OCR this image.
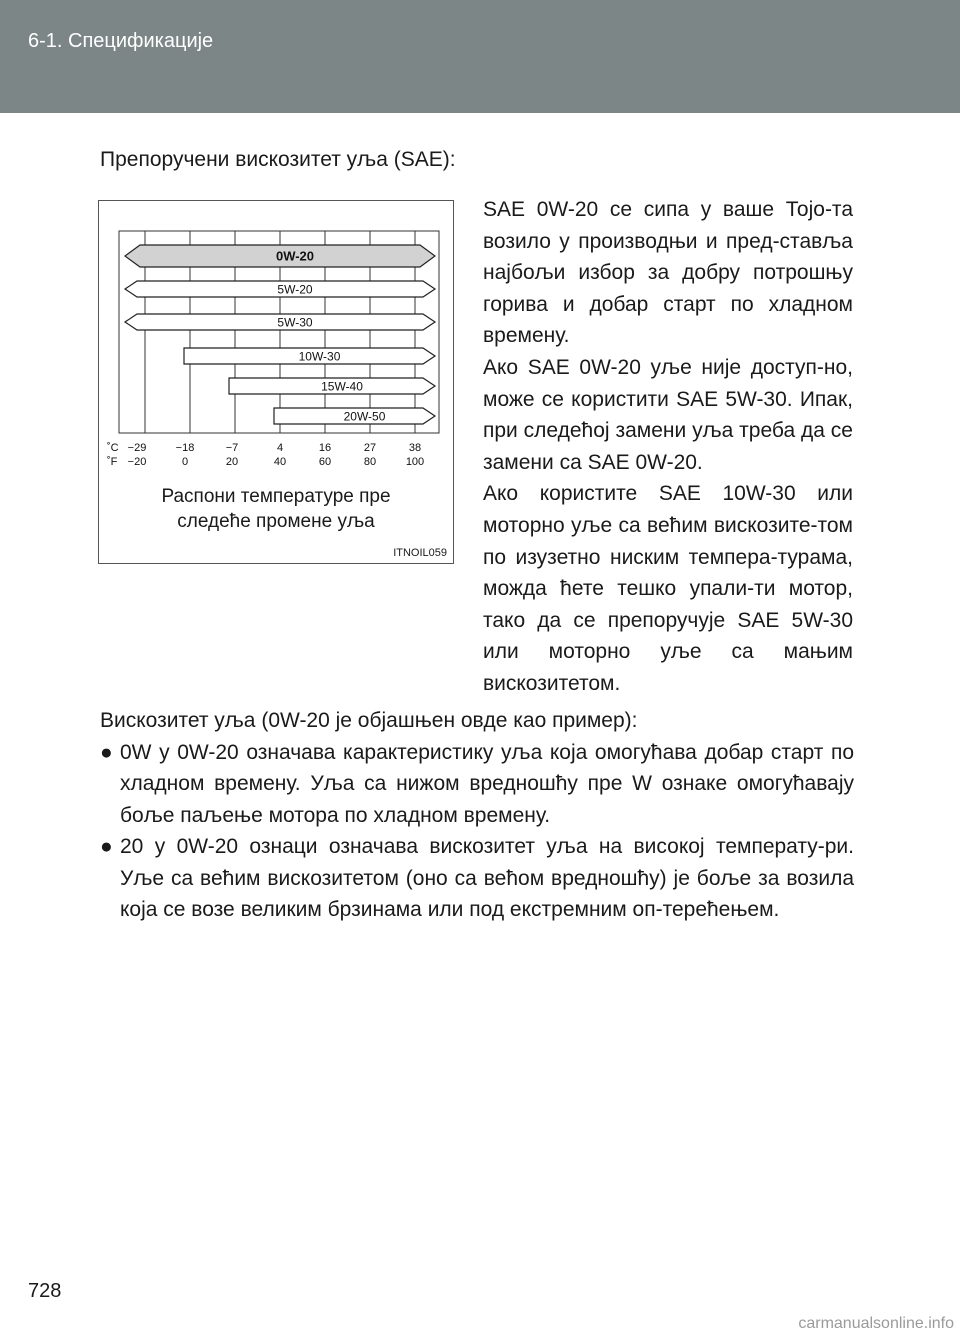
6-1. Спецификације
Препоручени вискозитет уља (SAE):
0W-20
5W-20
5W-30
10W-30
15W-40
20W-50
˚C
˚F
−29	−18	−7	4	16	27	38
−20	0	20	40	60	80	100
Распони температуре пре
следеће промене уља
ITNOIL059

SAE 0W-20 се сипа у ваше Тојо-та возило у производњи и пред-ставља најбољи избор за добру потрошњу горива и добар старт по хладном времену.

Ако SAE 0W-20 уље није доступ-но, може се користити SAE 5W-30. Ипак, при следећој замени уља треба да се замени са SAE 0W-20.

Ако користите SAE 10W-30 или моторно уље са већим вискозите-том по изузетно ниским темпера-турама, можда ћете тешко упали-ти мотор, тако да се препоручује SAE 5W-30 или моторно уље са мањим вискозитетом.

Вискозитет уља (0W-20 је објашњен овде као пример):

● 0W у 0W-20 означава карактеристику уља која омогућава добар старт по хладном времену. Уља са нижом вредношћу пре W ознаке омогућавају боље паљење мотора по хладном времену.
● 20 у 0W-20 ознаци означава вискозитет уља на високој температу-ри. Уље са већим вискозитетом (оно са већом вредношћу) је боље за возила која се возе великим брзинама или под екстремним оп-терећењем.
728
carmanualsonline.info
